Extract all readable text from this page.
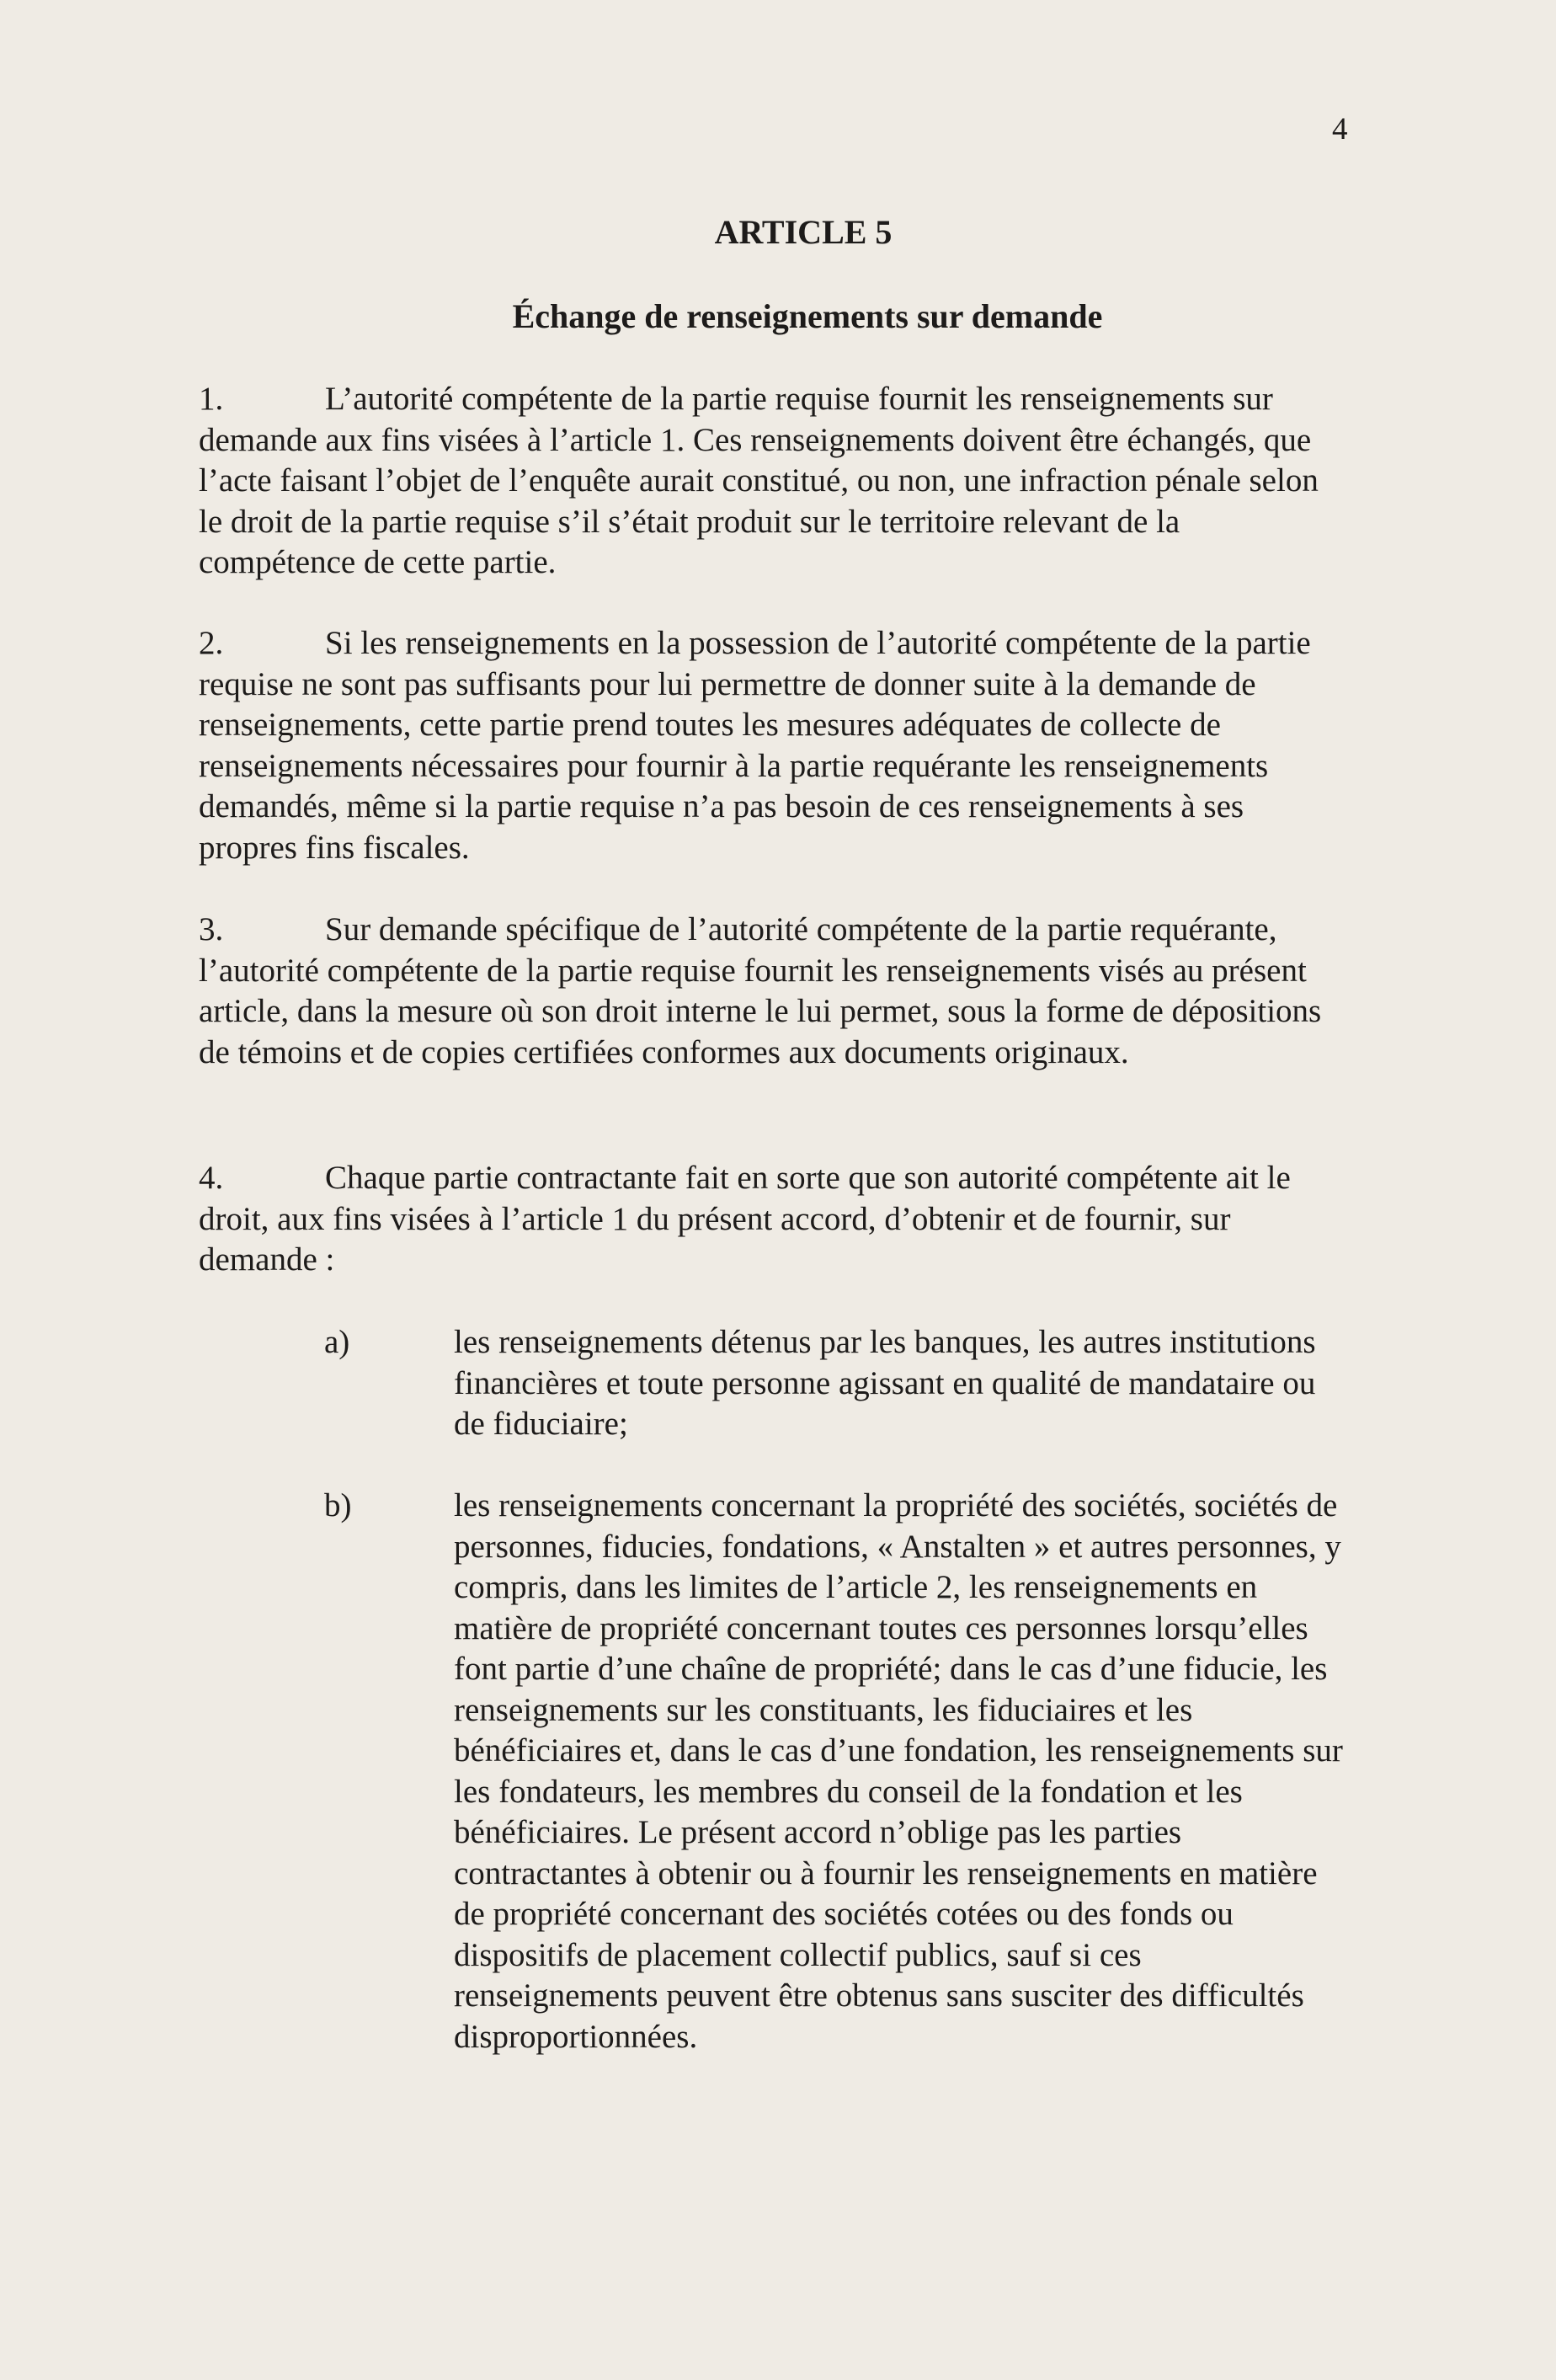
4
ARTICLE 5
Échange de renseignements sur demande
1.	L’autorité compétente de la partie requise fournit les renseignements sur demande aux fins visées à l’article 1. Ces renseignements doivent être échangés, que l’acte faisant l’objet de l’enquête aurait constitué, ou non, une infraction pénale selon le droit de la partie requise s’il s’était produit sur le territoire relevant de la compétence de cette partie.
2.	Si les renseignements en la possession de l’autorité compétente de la partie requise ne sont pas suffisants pour lui permettre de donner suite à la demande de renseignements, cette partie prend toutes les mesures adéquates de collecte de renseignements nécessaires pour fournir à la partie requérante les renseignements demandés, même si la partie requise n’a pas besoin de ces renseignements à ses propres fins fiscales.
3.	Sur demande spécifique de l’autorité compétente de la partie requérante, l’autorité compétente de la partie requise fournit les renseignements visés au présent article, dans la mesure où son droit interne le lui permet, sous la forme de dépositions de témoins et de copies certifiées conformes aux documents originaux.
4.	Chaque partie contractante fait en sorte que son autorité compétente ait le droit, aux fins visées à l’article 1 du présent accord, d’obtenir et de fournir, sur demande :
a)	les renseignements détenus par les banques, les autres institutions financières et toute personne agissant en qualité de mandataire ou de fiduciaire;
b)	les renseignements concernant la propriété des sociétés, sociétés de personnes, fiducies, fondations, « Anstalten » et autres personnes, y compris, dans les limites de l’article 2, les renseignements en matière de propriété concernant toutes ces personnes lorsqu’elles font partie d’une chaîne de propriété; dans le cas d’une fiducie, les renseignements sur les constituants, les fiduciaires et les bénéficiaires et, dans le cas d’une fondation, les renseignements sur les fondateurs, les membres du conseil de la fondation et les bénéficiaires. Le présent accord n’oblige pas les parties contractantes à obtenir ou à fournir les renseignements en matière de propriété concernant des sociétés cotées ou des fonds ou dispositifs de placement collectif publics, sauf si ces renseignements peuvent être obtenus sans susciter des difficultés disproportionnées.
